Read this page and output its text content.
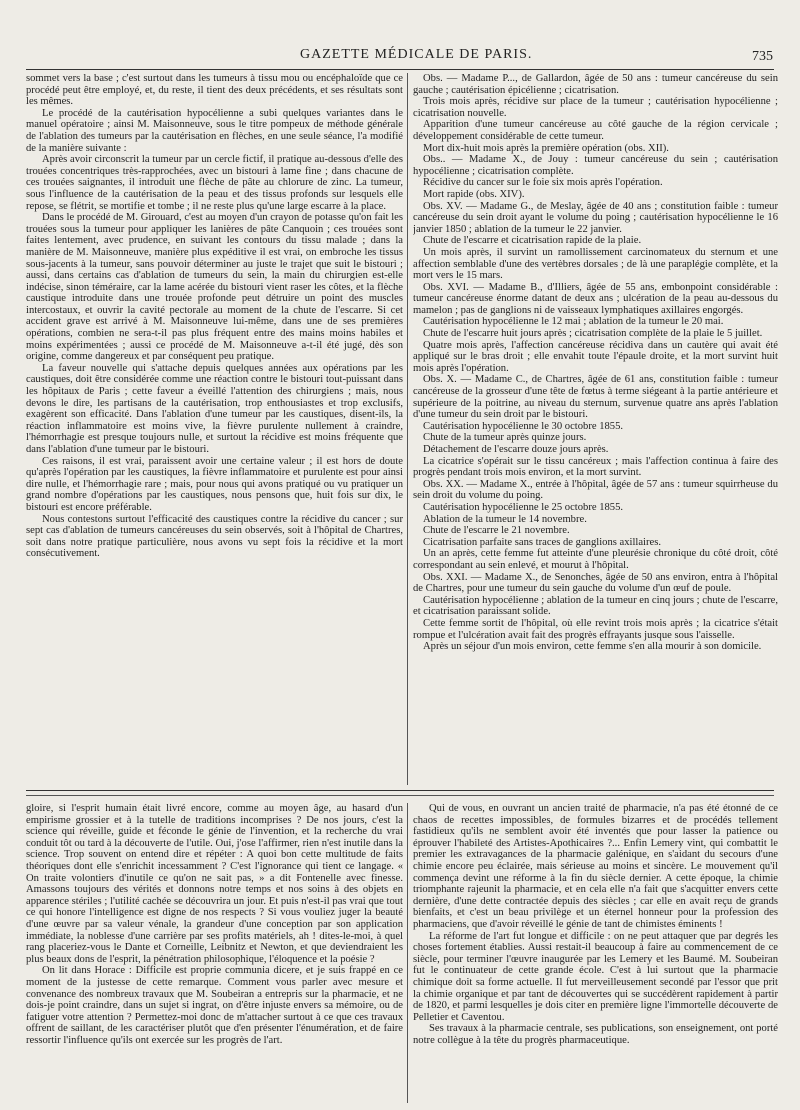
GAZETTE MÉDICALE DE PARIS.	735

sommet vers la base ; c'est surtout dans les tumeurs à tissu mou ou encéphaloïde que ce procédé peut être employé, et, du reste, il tient des deux précédents, et ses résultats sont les mêmes.

Le procédé de la cautérisation hypocélienne a subi quelques variantes dans le manuel opératoire ; ainsi M. Maisonneuve, sous le titre pompeux de méthode générale de l'ablation des tumeurs par la cautérisation en flèches, en une seule séance, l'a modifié de la manière suivante :

Après avoir circonscrit la tumeur par un cercle fictif, il pratique au-dessous d'elle des trouées concentriques très-rapprochées, avec un bistouri à lame fine ; dans chacune de ces trouées saignantes, il introduit une flèche de pâte au chlorure de zinc. La tumeur, sous l'influence de la cautérisation de la peau et des tissus profonds sur lesquels elle repose, se flétrit, se mortifie et tombe ; il ne reste plus qu'une large escarre à la place.

Dans le procédé de M. Girouard, c'est au moyen d'un crayon de potasse qu'on fait les trouées sous la tumeur pour appliquer les lanières de pâte Canquoin ; ces trouées sont faites lentement, avec prudence, en suivant les contours du tissu malade ; dans la manière de M. Maisonneuve, manière plus expéditive il est vrai, on embroche les tissus sous-jacents à la tumeur, sans pouvoir déterminer au juste le trajet que suit le bistouri ; aussi, dans certains cas d'ablation de tumeurs du sein, la main du chirurgien est-elle indécise, sinon téméraire, car la lame acérée du bistouri vient raser les côtes, et la flèche caustique introduite dans une trouée profonde peut détruire un point des muscles intercostaux, et ouvrir la cavité pectorale au moment de la chute de l'escarre. Si cet accident grave est arrivé à M. Maisonneuve lui-même, dans une de ses premières opérations, combien ne sera-t-il pas plus fréquent entre des mains moins habiles et moins expérimentées ; aussi ce procédé de M. Maisonneuve a-t-il été jugé, dès son origine, comme dangereux et par conséquent peu pratique.

La faveur nouvelle qui s'attache depuis quelques années aux opérations par les caustiques, doit être considérée comme une réaction contre le bistouri tout-puissant dans les hôpitaux de Paris ; cette faveur a éveillé l'attention des chirurgiens ; mais, nous devons le dire, les partisans de la cautérisation, trop enthousiastes et trop exclusifs, exagèrent son efficacité. Dans l'ablation d'une tumeur par les caustiques, disent-ils, la réaction inflammatoire est moins vive, la fièvre purulente nullement à craindre, l'hémorrhagie est presque toujours nulle, et surtout la récidive est moins fréquente que dans l'ablation d'une tumeur par le bistouri.

Ces raisons, il est vrai, paraissent avoir une certaine valeur ; il est hors de doute qu'après l'opération par les caustiques, la fièvre inflammatoire et purulente est pour ainsi dire nulle, et l'hémorrhagie rare ; mais, pour nous qui avons pratiqué ou vu pratiquer un grand nombre d'opérations par les caustiques, nous pensons que, huit fois sur dix, le bistouri est encore préférable.

Nous contestons surtout l'efficacité des caustiques contre la récidive du cancer ; sur sept cas d'ablation de tumeurs cancéreuses du sein observés, soit à l'hôpital de Chartres, soit dans notre pratique particulière, nous avons vu sept fois la récidive et la mort consécutivement.

Obs. — Madame P..., de Gallardon, âgée de 50 ans : tumeur cancéreuse du sein gauche ; cautérisation épicélienne ; cicatrisation.

Trois mois après, récidive sur place de la tumeur ; cautérisation hypocélienne ; cicatrisation nouvelle.

Apparition d'une tumeur cancéreuse au côté gauche de la région cervicale ; développement considérable de cette tumeur.

Mort dix-huit mois après la première opération (obs. XII).

Obs.. — Madame X., de Jouy : tumeur cancéreuse du sein ; cautérisation hypocélienne ; cicatrisation complète.

Récidive du cancer sur le foie six mois après l'opération.

Mort rapide (obs. XIV).

Obs. XV. — Madame G., de Meslay, âgée de 40 ans ; constitution faible : tumeur cancéreuse du sein droit ayant le volume du poing ; cautérisation hypocélienne le 16 janvier 1850 ; ablation de la tumeur le 22 janvier.

Chute de l'escarre et cicatrisation rapide de la plaie.

Un mois après, il survint un ramollissement carcinomateux du sternum et une affection semblable d'une des vertèbres dorsales ; de là une paraplégie complète, et la mort vers le 15 mars.

Obs. XVI. — Madame B., d'Illiers, âgée de 55 ans, embonpoint considérable : tumeur cancéreuse énorme datant de deux ans ; ulcération de la peau au-dessous du mamelon ; pas de ganglions ni de vaisseaux lymphatiques axillaires engorgés.

Cautérisation hypocélienne le 12 mai ; ablation de la tumeur le 20 mai.

Chute de l'escarre huit jours après ; cicatrisation complète de la plaie le 5 juillet.

Quatre mois après, l'affection cancéreuse récidiva dans un cautère qui avait été appliqué sur le bras droit ; elle envahit toute l'épaule droite, et la mort survint huit mois après l'opération.

Obs. X. — Madame C., de Chartres, âgée de 61 ans, constitution faible : tumeur cancéreuse de la grosseur d'une tête de fœtus à terme siégeant à la partie antérieure et supérieure de la poitrine, au niveau du sternum, survenue quatre ans après l'ablation d'une tumeur du sein droit par le bistouri.

Cautérisation hypocélienne le 30 octobre 1855.

Chute de la tumeur après quinze jours.

Détachement de l'escarre douze jours après.

La cicatrice s'opérait sur le tissu cancéreux ; mais l'affection continua à faire des progrès pendant trois mois environ, et la mort survint.

Obs. XX. — Madame X., entrée à l'hôpital, âgée de 57 ans : tumeur squirrheuse du sein droit du volume du poing.

Cautérisation hypocélienne le 25 octobre 1855.

Ablation de la tumeur le 14 novembre.

Chute de l'escarre le 21 novembre.

Cicatrisation parfaite sans traces de ganglions axillaires.

Un an après, cette femme fut atteinte d'une pleurésie chronique du côté droit, côté correspondant au sein enlevé, et mourut à l'hôpital.

Obs. XXI. — Madame X., de Senonches, âgée de 50 ans environ, entra à l'hôpital de Chartres, pour une tumeur du sein gauche du volume d'un œuf de poule.

Cautérisation hypocélienne ; ablation de la tumeur en cinq jours ; chute de l'escarre, et cicatrisation paraissant solide.

Cette femme sortit de l'hôpital, où elle revint trois mois après ; la cicatrice s'était rompue et l'ulcération avait fait des progrès effrayants jusque sous l'aisselle.

Après un séjour d'un mois environ, cette femme s'en alla mourir à son domicile.

gloire, si l'esprit humain était livré encore, comme au moyen âge, au hasard d'un empirisme grossier et à la tutelle de traditions incomprises ? De nos jours, c'est la science qui réveille, guide et féconde le génie de l'invention, et la recherche du vrai conduit tôt ou tard à la découverte de l'utile. Oui, j'ose l'affirmer, rien n'est inutile dans la science. Trop souvent on entend dire et répéter : A quoi bon cette multitude de faits théoriques dont elle s'enrichit incessamment ? C'est l'ignorance qui tient ce langage. « On traite volontiers d'inutile ce qu'on ne sait pas, » a dit Fontenelle avec finesse. Amassons toujours des vérités et donnons notre temps et nos soins à des objets en apparence stériles ; l'utilité cachée se découvrira un jour. Et puis n'est-il pas vrai que tout ce qui honore l'intelligence est digne de nos respects ? Si vous vouliez juger la beauté d'une œuvre par sa valeur vénale, la grandeur d'une conception par son application immédiate, la noblesse d'une carrière par ses profits matériels, ah ! dites-le-moi, à quel rang placeriez-vous le Dante et Corneille, Leibnitz et Newton, et que deviendraient les plus beaux dons de l'esprit, la pénétration philosophique, l'éloquence et la poésie ?

On lit dans Horace : Difficile est proprie communia dicere, et je suis frappé en ce moment de la justesse de cette remarque. Comment vous parler avec mesure et convenance des nombreux travaux que M. Soubeiran a entrepris sur la pharmacie, et ne dois-je point craindre, dans un sujet si ingrat, on d'être injuste envers sa mémoire, ou de fatiguer votre attention ? Permettez-moi donc de m'attacher surtout à ce que ces travaux offrent de saillant, de les caractériser plutôt que d'en présenter l'énumération, et de faire ressortir l'influence qu'ils ont exercée sur les progrès de l'art.

Qui de vous, en ouvrant un ancien traité de pharmacie, n'a pas été étonné de ce chaos de recettes impossibles, de formules bizarres et de procédés tellement fastidieux qu'ils ne semblent avoir été inventés que pour lasser la patience ou éprouver l'habileté des Artistes-Apothicaires ?... Enfin Lemery vint, qui combattit le premier les extravagances de la pharmacie galénique, en s'aidant du secours d'une chimie encore peu éclairée, mais sérieuse au moins et sincère. Le mouvement qu'il commença devint une réforme à la fin du siècle dernier. A cette époque, la chimie triomphante rajeunit la pharmacie, et en cela elle n'a fait que s'acquitter envers cette dernière, d'une dette contractée depuis des siècles ; car elle en avait reçu de grands bienfaits, et c'est un beau privilège et un éternel honneur pour la profession des pharmaciens, que d'avoir réveillé le génie de tant de chimistes éminents !

La réforme de l'art fut longue et difficile : on ne peut attaquer que par degrés les choses fortement établies. Aussi restait-il beaucoup à faire au commencement de ce siècle, pour terminer l'œuvre inaugurée par les Lemery et les Baumé. M. Soubeiran fut le continuateur de cette grande école. C'est à lui surtout que la pharmacie chimique doit sa forme actuelle. Il fut merveilleusement secondé par l'essor que prit la chimie organique et par tant de découvertes qui se succédèrent rapidement à partir de 1820, et parmi lesquelles je dois citer en première ligne l'immortelle découverte de Pelletier et Caventou.

Ses travaux à la pharmacie centrale, ses publications, son enseignement, ont porté notre collègue à la tête du progrès pharmaceutique.
